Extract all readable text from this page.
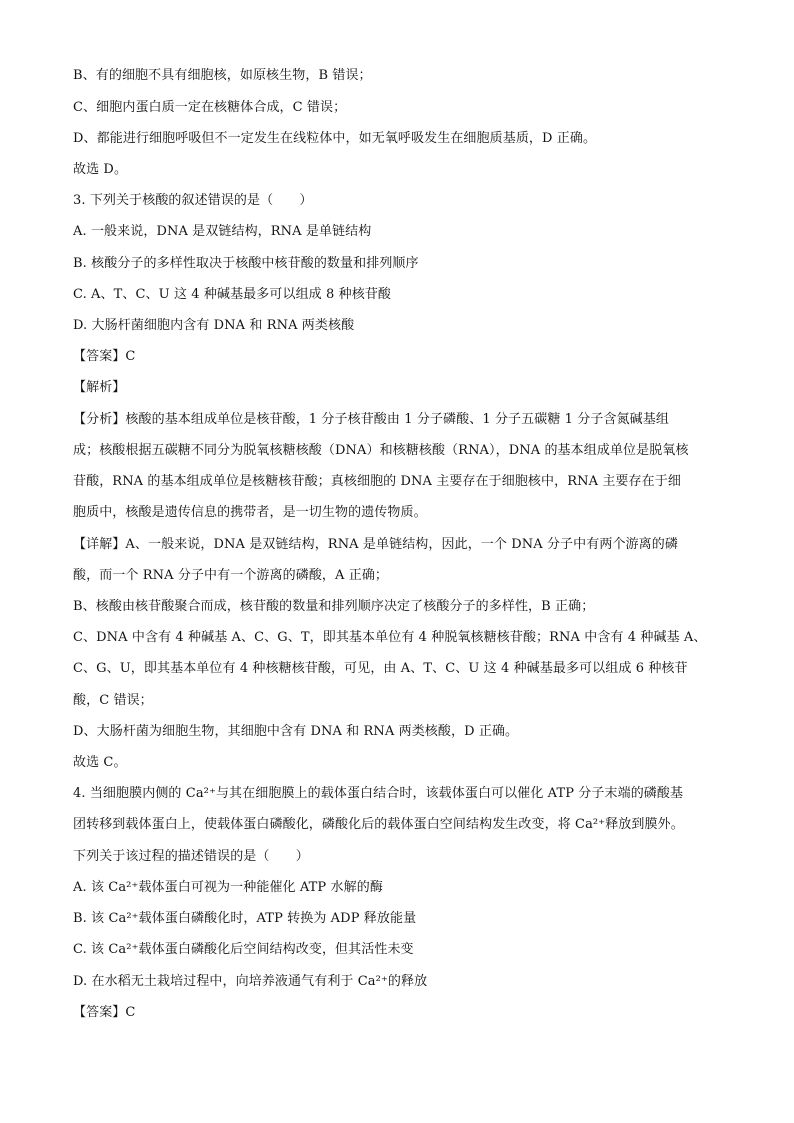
B、有的细胞不具有细胞核，如原核生物，B 错误；
C、细胞内蛋白质一定在核糖体合成，C 错误；
D、都能进行细胞呼吸但不一定发生在线粒体中，如无氧呼吸发生在细胞质基质，D 正确。
故选 D。
3. 下列关于核酸的叙述错误的是（　　）
A. 一般来说，DNA 是双链结构，RNA 是单链结构
B. 核酸分子的多样性取决于核酸中核苷酸的数量和排列顺序
C. A、T、C、U 这 4 种碱基最多可以组成 8 种核苷酸
D. 大肠杆菌细胞内含有 DNA 和 RNA 两类核酸
【答案】C
【解析】
【分析】核酸的基本组成单位是核苷酸，1 分子核苷酸由 1 分子磷酸、1 分子五碳糖 1 分子含氮碱基组
成；核酸根据五碳糖不同分为脱氧核糖核酸（DNA）和核糖核酸（RNA），DNA 的基本组成单位是脱氧核
苷酸，RNA 的基本组成单位是核糖核苷酸；真核细胞的 DNA 主要存在于细胞核中，RNA 主要存在于细
胞质中，核酸是遗传信息的携带者，是一切生物的遗传物质。
【详解】A、一般来说，DNA 是双链结构，RNA 是单链结构，因此，一个 DNA 分子中有两个游离的磷
酸，而一个 RNA 分子中有一个游离的磷酸，A 正确；
B、核酸由核苷酸聚合而成，核苷酸的数量和排列顺序决定了核酸分子的多样性，B 正确；
C、DNA 中含有 4 种碱基 A、C、G、T，即其基本单位有 4 种脱氧核糖核苷酸；RNA 中含有 4 种碱基 A、
C、G、U，即其基本单位有 4 种核糖核苷酸，可见，由 A、T、C、U 这 4 种碱基最多可以组成 6 种核苷
酸，C 错误；
D、大肠杆菌为细胞生物，其细胞中含有 DNA 和 RNA 两类核酸，D 正确。
故选 C。
4. 当细胞膜内侧的 Ca²⁺与其在细胞膜上的载体蛋白结合时，该载体蛋白可以催化 ATP 分子末端的磷酸基
团转移到载体蛋白上，使载体蛋白磷酸化，磷酸化后的载体蛋白空间结构发生改变，将 Ca²⁺释放到膜外。
下列关于该过程的描述错误的是（　　）
A. 该 Ca²⁺载体蛋白可视为一种能催化 ATP 水解的酶
B. 该 Ca²⁺载体蛋白磷酸化时，ATP 转换为 ADP 释放能量
C. 该 Ca²⁺载体蛋白磷酸化后空间结构改变，但其活性未变
D. 在水稻无土栽培过程中，向培养液通气有利于 Ca²⁺的释放
【答案】C
